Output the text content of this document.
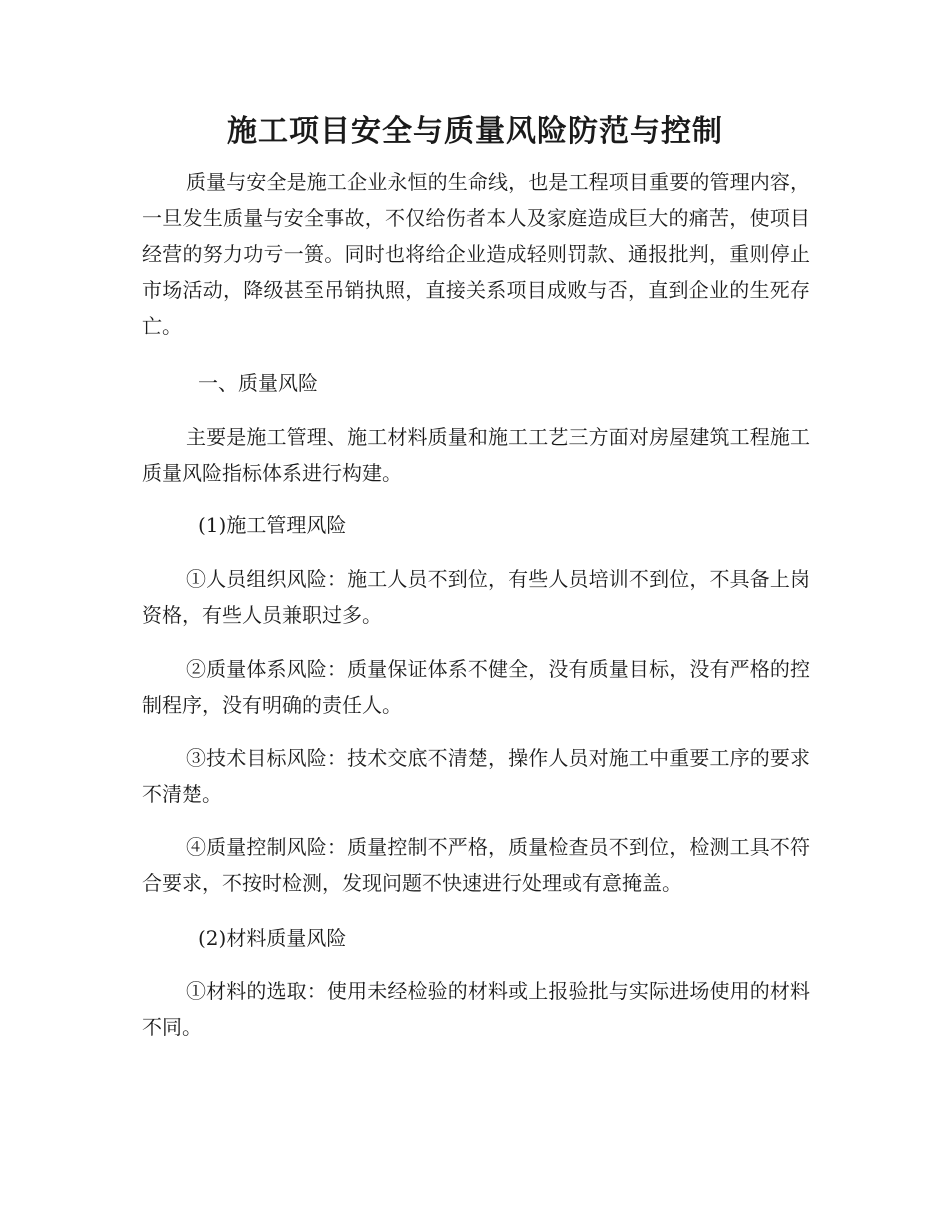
施工项目安全与质量风险防范与控制

质量与安全是施工企业永恒的生命线，也是工程项目重要的管理内容，一旦发生质量与安全事故，不仅给伤者本人及家庭造成巨大的痛苦，使项目经营的努力功亏一篑。同时也将给企业造成轻则罚款、通报批判，重则停止市场活动，降级甚至吊销执照，直接关系项目成败与否，直到企业的生死存亡。

一、质量风险

主要是施工管理、施工材料质量和施工工艺三方面对房屋建筑工程施工质量风险指标体系进行构建。

(1)施工管理风险

①人员组织风险：施工人员不到位，有些人员培训不到位，不具备上岗资格，有些人员兼职过多。

②质量体系风险：质量保证体系不健全，没有质量目标，没有严格的控制程序，没有明确的责任人。

③技术目标风险：技术交底不清楚，操作人员对施工中重要工序的要求不清楚。

④质量控制风险：质量控制不严格，质量检查员不到位，检测工具不符合要求，不按时检测，发现问题不快速进行处理或有意掩盖。

(2)材料质量风险

①材料的选取：使用未经检验的材料或上报验批与实际进场使用的材料不同。
